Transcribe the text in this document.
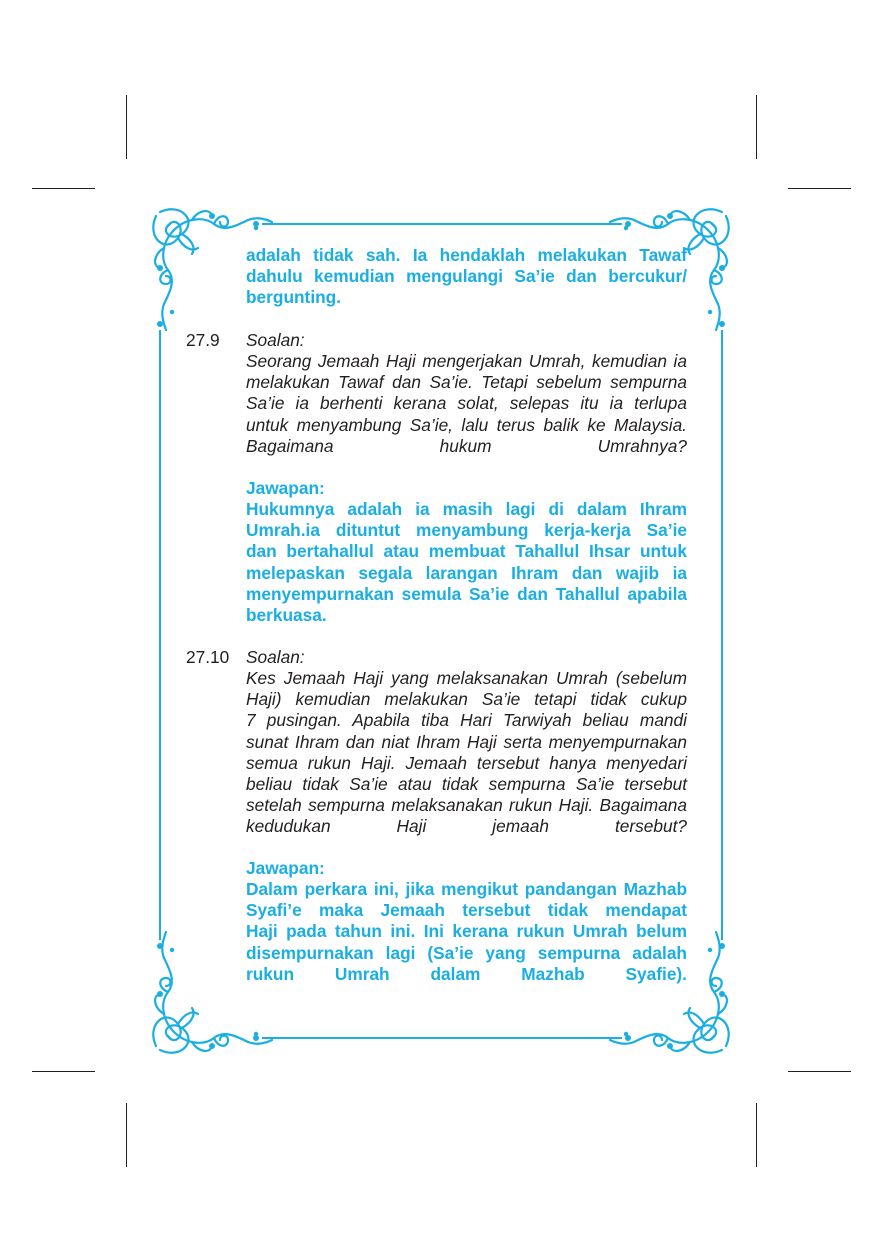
adalah tidak sah. Ia hendaklah melakukan Tawaf
dahulu kemudian mengulangi Sa’ie dan bercukur/
bergunting.
27.9 Soalan:
Seorang Jemaah Haji mengerjakan Umrah, kemudian ia
melakukan Tawaf dan Sa’ie. Tetapi sebelum sempurna
Sa’ie ia berhenti kerana solat, selepas itu ia terlupa
untuk menyambung Sa’ie, lalu terus balik ke Malaysia.
Bagaimana hukum Umrahnya?
Jawapan:
Hukumnya adalah ia masih lagi di dalam Ihram
Umrah.ia dituntut menyambung kerja-kerja Sa’ie
dan bertahallul atau membuat Tahallul Ihsar untuk
melepaskan segala larangan Ihram dan wajib ia
menyempurnakan semula Sa’ie dan Tahallul apabila
berkuasa.
27.10 Soalan:
Kes Jemaah Haji yang melaksanakan Umrah (sebelum
Haji) kemudian melakukan Sa’ie tetapi tidak cukup
7 pusingan. Apabila tiba Hari Tarwiyah beliau mandi
sunat Ihram dan niat Ihram Haji serta menyempurnakan
semua rukun Haji. Jemaah tersebut hanya menyedari
beliau tidak Sa’ie atau tidak sempurna Sa’ie tersebut
setelah sempurna melaksanakan rukun Haji. Bagaimana
kedudukan Haji jemaah tersebut?
Jawapan:
Dalam perkara ini, jika mengikut pandangan Mazhab
Syafi’e maka Jemaah tersebut tidak mendapat
Haji pada tahun ini. Ini kerana rukun Umrah belum
disempurnakan lagi (Sa’ie yang sempurna adalah
rukun Umrah dalam Mazhab Syafie).
